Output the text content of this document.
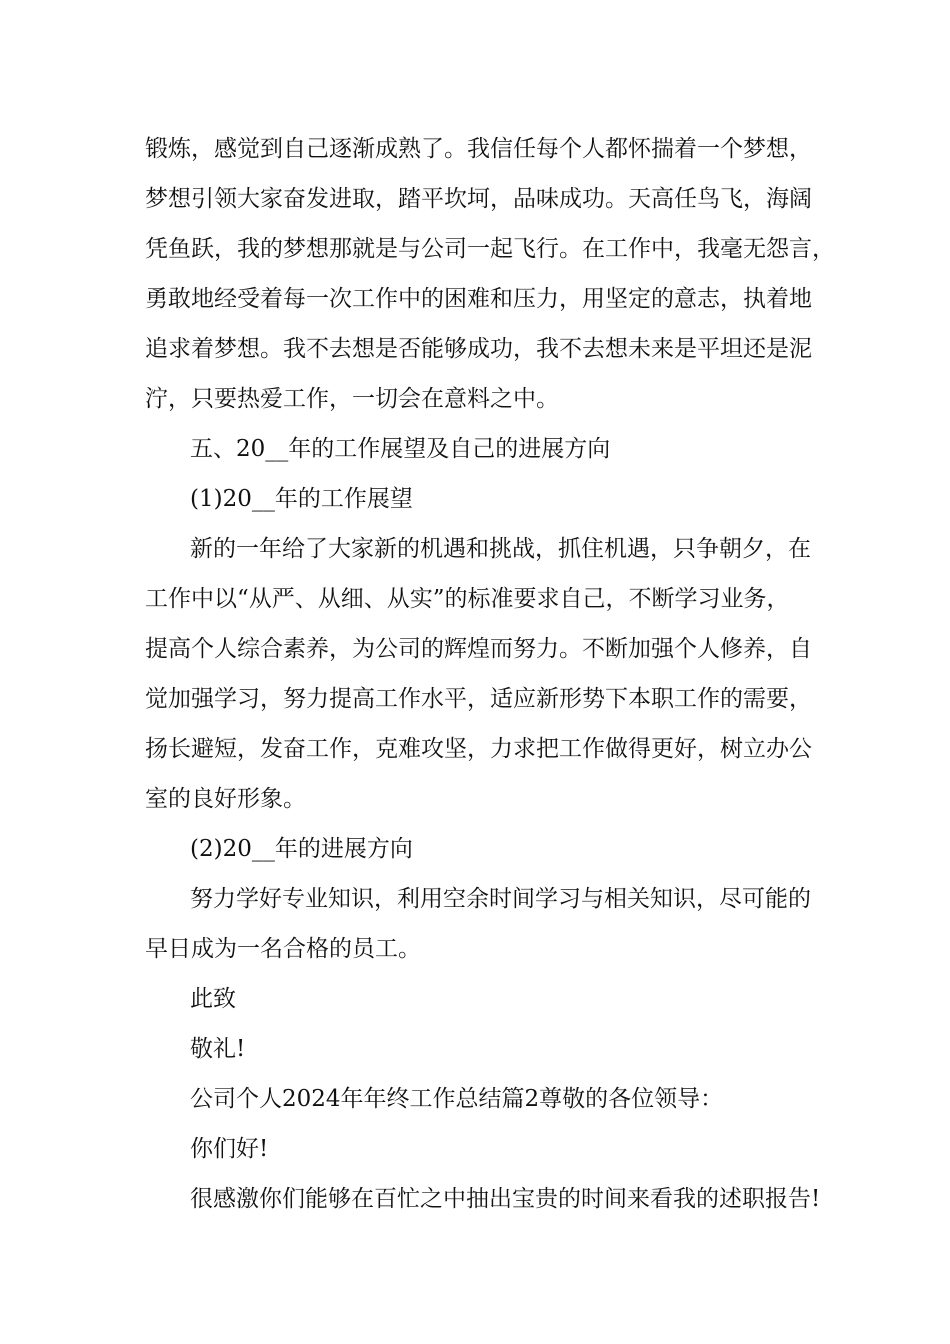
锻炼，感觉到自己逐渐成熟了。我信任每个人都怀揣着一个梦想，
梦想引领大家奋发进取，踏平坎坷，品味成功。天高任鸟飞，海阔
凭鱼跃，我的梦想那就是与公司一起飞行。在工作中，我毫无怨言，
勇敢地经受着每一次工作中的困难和压力，用坚定的意志，执着地
追求着梦想。我不去想是否能够成功，我不去想未来是平坦还是泥
泞，只要热爱工作，一切会在意料之中。
五、20__年的工作展望及自己的进展方向
(1)20__年的工作展望
新的一年给了大家新的机遇和挑战，抓住机遇，只争朝夕，在
工作中以“从严、从细、从实”的标准要求自己，不断学习业务，
提高个人综合素养，为公司的辉煌而努力。不断加强个人修养，自
觉加强学习，努力提高工作水平，适应新形势下本职工作的需要，
扬长避短，发奋工作，克难攻坚，力求把工作做得更好，树立办公
室的良好形象。
(2)20__年的进展方向
努力学好专业知识，利用空余时间学习与相关知识，尽可能的
早日成为一名合格的员工。
此致
敬礼!
公司个人2024年年终工作总结篇2尊敬的各位领导：
你们好!
很感激你们能够在百忙之中抽出宝贵的时间来看我的述职报告!
